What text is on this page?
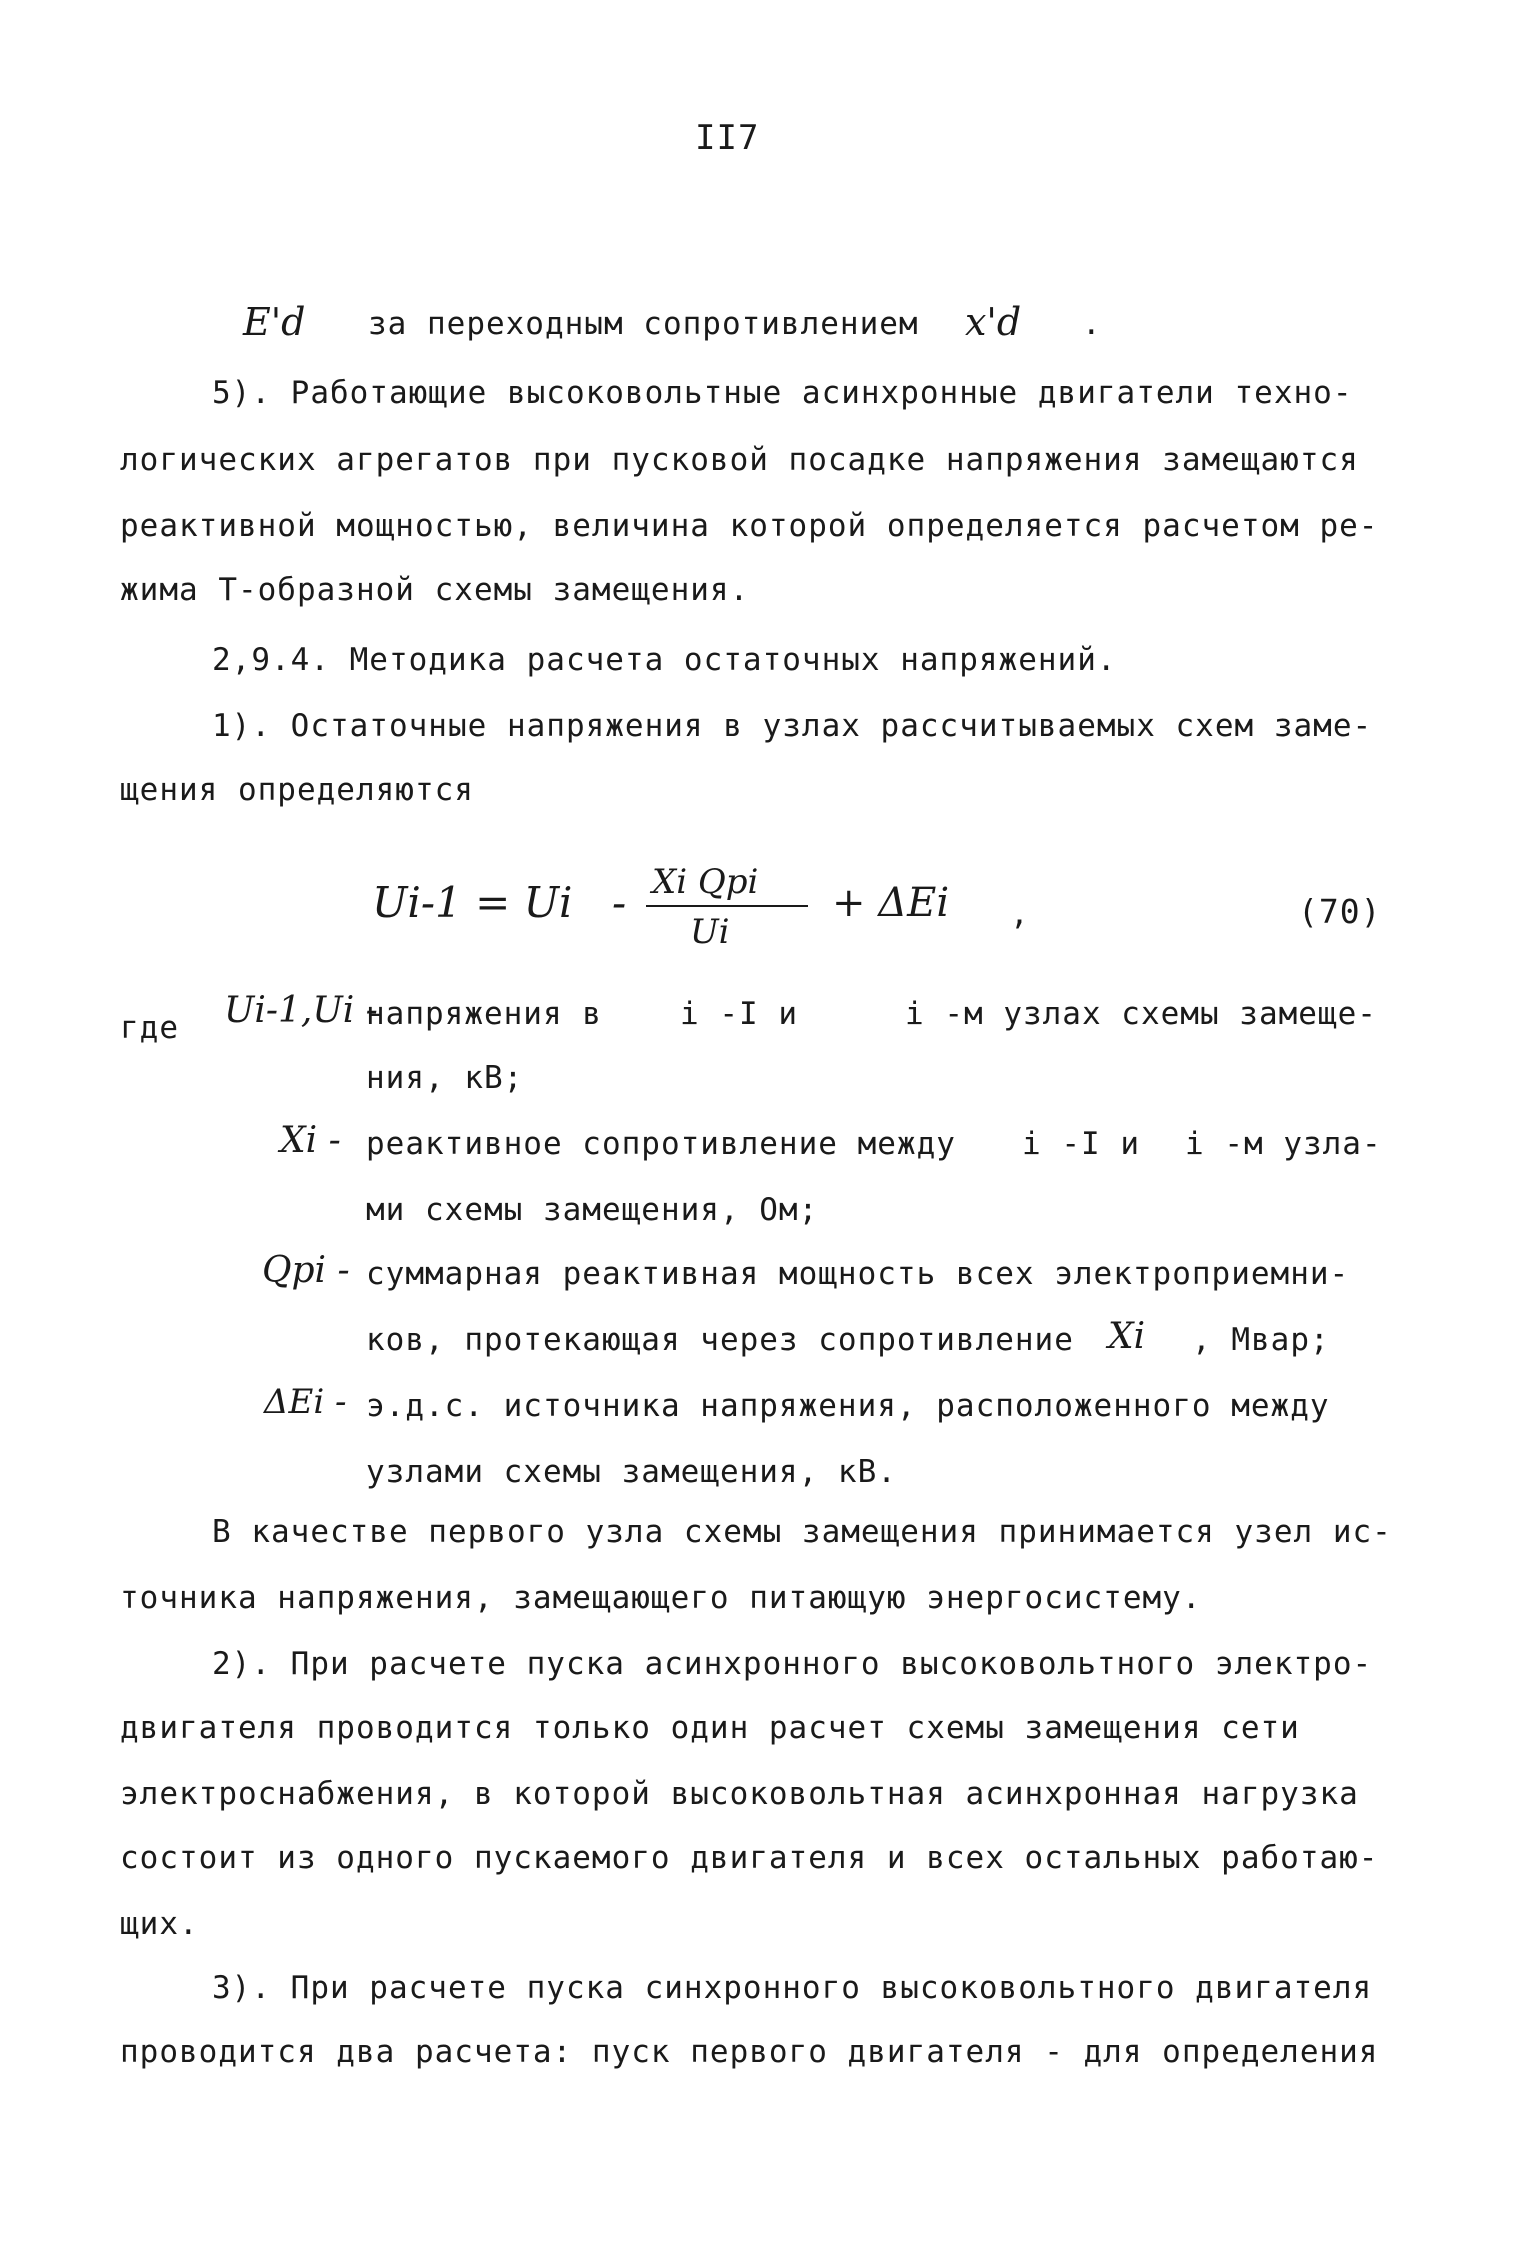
II7
E'd за переходным сопротивлением x'd .
5). Работающие высоковольтные асинхронные двигатели техно-
логических агрегатов при пусковой посадке напряжения замещаются
реактивной мощностью, величина которой определяется расчетом ре-
жима Т-образной схемы замещения.
2,9.4. Методика расчета остаточных напряжений.
1). Остаточные напряжения в узлах рассчитываемых схем заме-
щения определяются
Ui-1 = Ui - Xi Qpi
Ui
+ ΔEi ,	(70)
где Ui-1,Ui -
напряжения в	i -I и	i -м узлах схемы замеще-
ния, кВ;
Xi - реактивное сопротивление между i -I и i -м узла-
ми схемы замещения, Ом;
Qpi - суммарная реактивная мощность всех электроприемни-
ков, протекающая через сопротивление Xi , Мвар;
ΔEi - э.д.с. источника напряжения, расположенного между
узлами схемы замещения, кВ.
В качестве первого узла схемы замещения принимается узел ис-
точника напряжения, замещающего питающую энергосистему.
2). При расчете пуска асинхронного высоковольтного электро-
двигателя проводится только один расчет схемы замещения сети
электроснабжения, в которой высоковольтная асинхронная нагрузка
состоит из одного пускаемого двигателя и всех остальных работаю-
щих.
3). При расчете пуска синхронного высоковольтного двигателя
проводится два расчета: пуск первого двигателя - для определения
